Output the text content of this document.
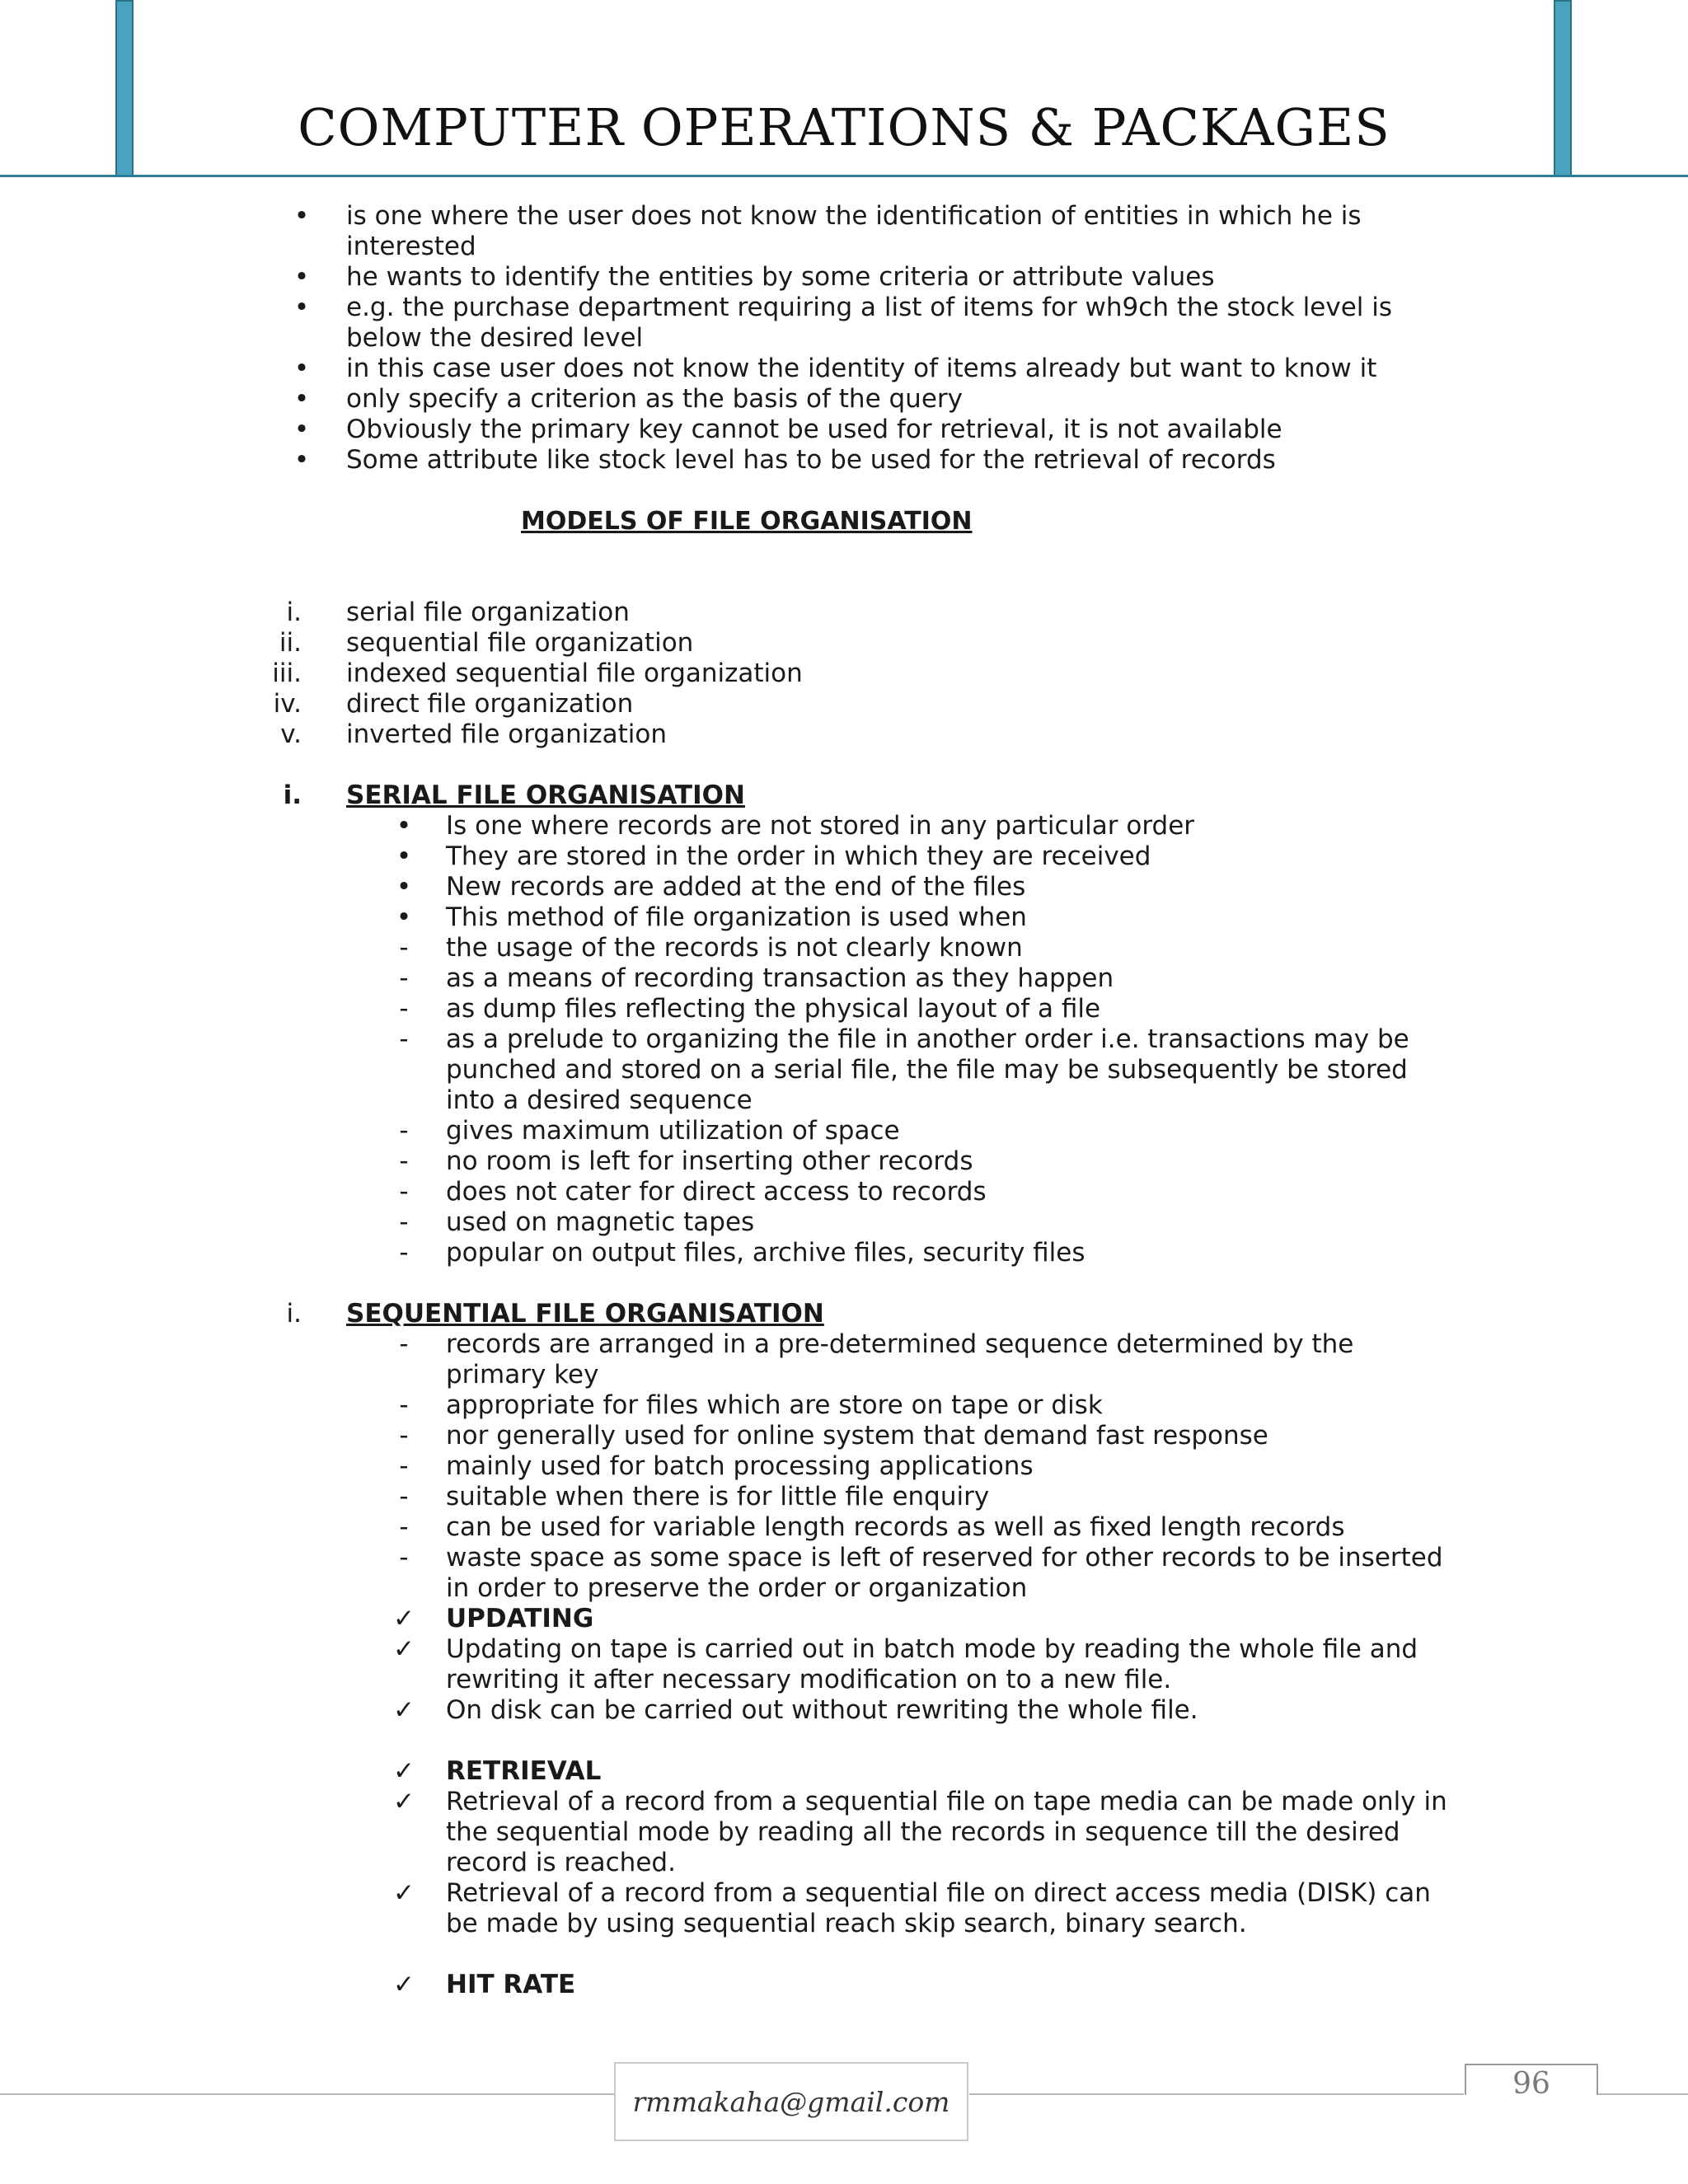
COMPUTER OPERATIONS & PACKAGES
•	is one where the user does not know the identification of entities in which he is interested
•	he wants to identify the entities by some criteria or attribute values
•	e.g. the purchase department requiring a list of items for wh9ch the stock level is below the desired level
•	in this case user does not know the identity of items already but want to know it
•	only specify a criterion as the basis of the query
•	Obviously the primary key cannot be used for retrieval, it is not available
•	Some attribute like stock level has to be used for the retrieval of records
MODELS OF FILE ORGANISATION
i. serial file organization
ii. sequential file organization
iii. indexed sequential file organization
iv. direct file organization
v. inverted file organization
i. SERIAL FILE ORGANISATION
•	Is one where records are not stored in any particular order
•	They are stored in the order in which they are received
•	New records are added at the end of the files
•	This method of file organization is used when
-	the usage of the records is not clearly known
-	as a means of recording transaction as they happen
-	as dump files reflecting the physical layout of a file
-	as a prelude to organizing the file in another order i.e. transactions may be punched and stored on a serial file, the file may be subsequently be stored into a desired sequence
-	gives maximum utilization of space
-	no room is left for inserting other records
-	does not cater for direct access to records
-	used on magnetic tapes
-	popular on output files, archive files, security files
i. SEQUENTIAL FILE ORGANISATION
-	records are arranged in a pre-determined sequence determined by the primary key
-	appropriate for files which are store on tape or disk
-	nor generally used for online system that demand fast response
-	mainly used for batch processing applications
-	suitable when there is for little file enquiry
-	can be used for variable length records as well as fixed length records
-	waste space as some space is left of reserved for other records to be inserted in order to preserve the order or organization
✓	UPDATING
✓	Updating on tape is carried out in batch mode by reading the whole file and rewriting it after necessary modification on to a new file.
✓	On disk can be carried out without rewriting the whole file.
✓	RETRIEVAL
✓	Retrieval of a record from a sequential file on tape media can be made only in the sequential mode by reading all the records in sequence till the desired record is reached.
✓	Retrieval of a record from a sequential file on direct access media (DISK) can be made by using sequential reach skip search, binary search.
✓	HIT RATE
rmmakaha@gmail.com
96
